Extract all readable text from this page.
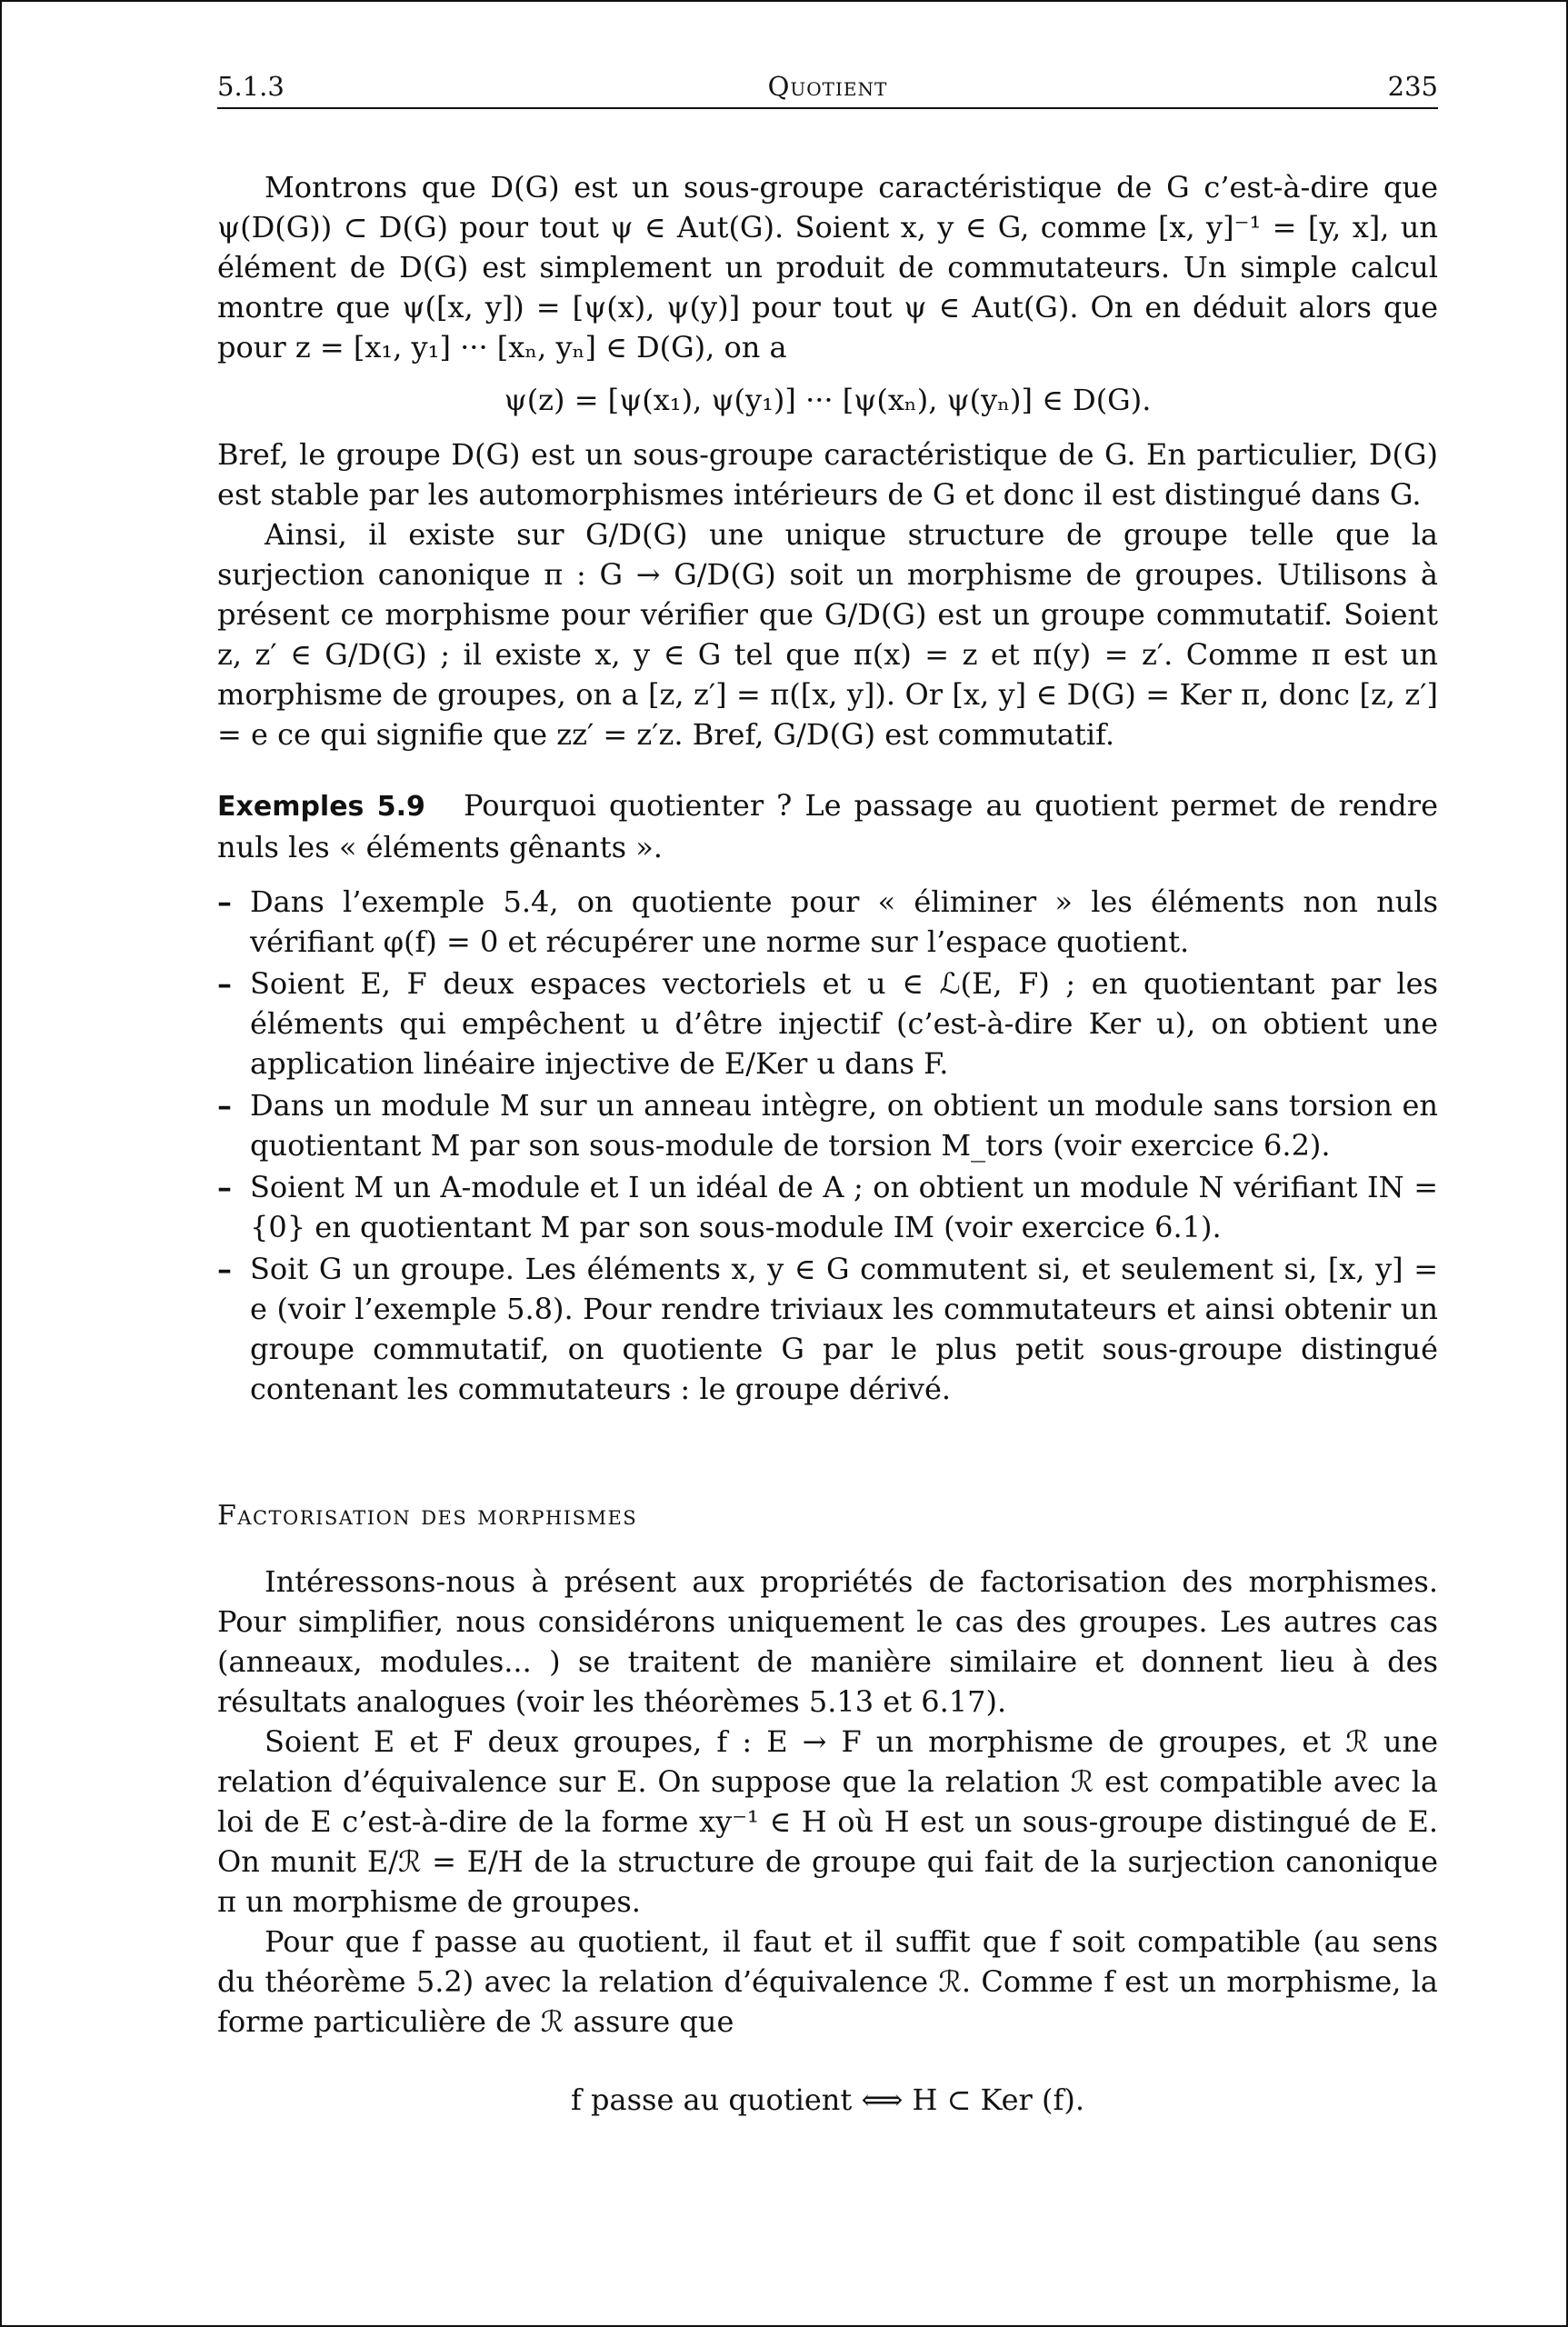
5.1.3	Quotient	235

Montrons que D(G) est un sous-groupe caractéristique de G c’est-à-dire que ψ(D(G)) ⊂ D(G) pour tout ψ ∈ Aut(G). Soient x, y ∈ G, comme [x, y]⁻¹ = [y, x], un élément de D(G) est simplement un produit de commutateurs. Un simple calcul montre que ψ([x, y]) = [ψ(x), ψ(y)] pour tout ψ ∈ Aut(G). On en déduit alors que pour z = [x₁, y₁] ··· [xₙ, yₙ] ∈ D(G), on a

ψ(z) = [ψ(x₁), ψ(y₁)] ··· [ψ(xₙ), ψ(yₙ)] ∈ D(G).

Bref, le groupe D(G) est un sous-groupe caractéristique de G. En particulier, D(G) est stable par les automorphismes intérieurs de G et donc il est distingué dans G.

Ainsi, il existe sur G/D(G) une unique structure de groupe telle que la surjection canonique π : G → G/D(G) soit un morphisme de groupes. Utilisons à présent ce morphisme pour vérifier que G/D(G) est un groupe commutatif. Soient z, z′ ∈ G/D(G) ; il existe x, y ∈ G tel que π(x) = z et π(y) = z′. Comme π est un morphisme de groupes, on a [z, z′] = π([x, y]). Or [x, y] ∈ D(G) = Ker π, donc [z, z′] = e ce qui signifie que zz′ = z′z. Bref, G/D(G) est commutatif.

Exemples 5.9 Pourquoi quotienter ? Le passage au quotient permet de rendre nuls les « éléments gênants ».

– Dans l’exemple 5.4, on quotiente pour « éliminer » les éléments non nuls vérifiant φ(f) = 0 et récupérer une norme sur l’espace quotient.
– Soient E, F deux espaces vectoriels et u ∈ ℒ(E, F) ; en quotientant par les éléments qui empêchent u d’être injectif (c’est-à-dire Ker u), on obtient une application linéaire injective de E/Ker u dans F.
– Dans un module M sur un anneau intègre, on obtient un module sans torsion en quotientant M par son sous-module de torsion M_tors (voir exercice 6.2).
– Soient M un A-module et I un idéal de A ; on obtient un module N vérifiant IN = {0} en quotientant M par son sous-module IM (voir exercice 6.1).
– Soit G un groupe. Les éléments x, y ∈ G commutent si, et seulement si, [x, y] = e (voir l’exemple 5.8). Pour rendre triviaux les commutateurs et ainsi obtenir un groupe commutatif, on quotiente G par le plus petit sous-groupe distingué contenant les commutateurs : le groupe dérivé.
Factorisation des morphismes

Intéressons-nous à présent aux propriétés de factorisation des morphismes. Pour simplifier, nous considérons uniquement le cas des groupes. Les autres cas (anneaux, modules... ) se traitent de manière similaire et donnent lieu à des résultats analogues (voir les théorèmes 5.13 et 6.17).

Soient E et F deux groupes, f : E → F un morphisme de groupes, et ℛ une relation d’équivalence sur E. On suppose que la relation ℛ est compatible avec la loi de E c’est-à-dire de la forme xy⁻¹ ∈ H où H est un sous-groupe distingué de E. On munit E/ℛ = E/H de la structure de groupe qui fait de la surjection canonique π un morphisme de groupes.

Pour que f passe au quotient, il faut et il suffit que f soit compatible (au sens du théorème 5.2) avec la relation d’équivalence ℛ. Comme f est un morphisme, la forme particulière de ℛ assure que

f passe au quotient ⟺ H ⊂ Ker (f).
